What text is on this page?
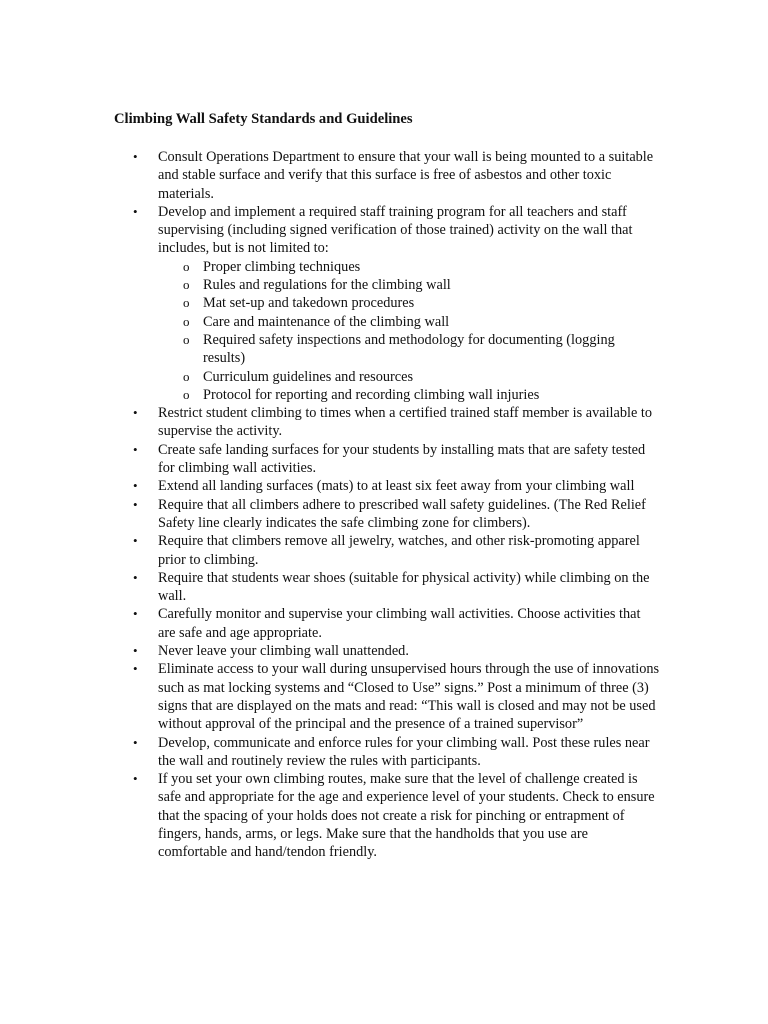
Climbing Wall Safety Standards and Guidelines
• Consult Operations Department to ensure that your wall is being mounted to a suitable and stable surface and verify that this surface is free of asbestos and other toxic materials.
• Develop and implement a required staff training program for all teachers and staff supervising (including signed verification of those trained) activity on the wall that includes, but is not limited to:
o Proper climbing techniques
o Rules and regulations for the climbing wall
o Mat set-up and takedown procedures
o Care and maintenance of the climbing wall
o Required safety inspections and methodology for documenting (logging results)
o Curriculum guidelines and resources
o Protocol for reporting and recording climbing wall injuries
• Restrict student climbing to times when a certified trained staff member is available to supervise the activity.
• Create safe landing surfaces for your students by installing mats that are safety tested for climbing wall activities.
• Extend all landing surfaces (mats) to at least six feet away from your climbing wall
• Require that all climbers adhere to prescribed wall safety guidelines. (The Red Relief Safety line clearly indicates the safe climbing zone for climbers).
• Require that climbers remove all jewelry, watches, and other risk-promoting apparel prior to climbing.
• Require that students wear shoes (suitable for physical activity) while climbing on the wall.
• Carefully monitor and supervise your climbing wall activities. Choose activities that are safe and age appropriate.
• Never leave your climbing wall unattended.
• Eliminate access to your wall during unsupervised hours through the use of innovations such as mat locking systems and “Closed to Use” signs.” Post a minimum of three (3) signs that are displayed on the mats and read: “This wall is closed and may not be used without approval of the principal and the presence of a trained supervisor”
• Develop, communicate and enforce rules for your climbing wall. Post these rules near the wall and routinely review the rules with participants.
• If you set your own climbing routes, make sure that the level of challenge created is safe and appropriate for the age and experience level of your students. Check to ensure that the spacing of your holds does not create a risk for pinching or entrapment of fingers, hands, arms, or legs. Make sure that the handholds that you use are comfortable and hand/tendon friendly.
